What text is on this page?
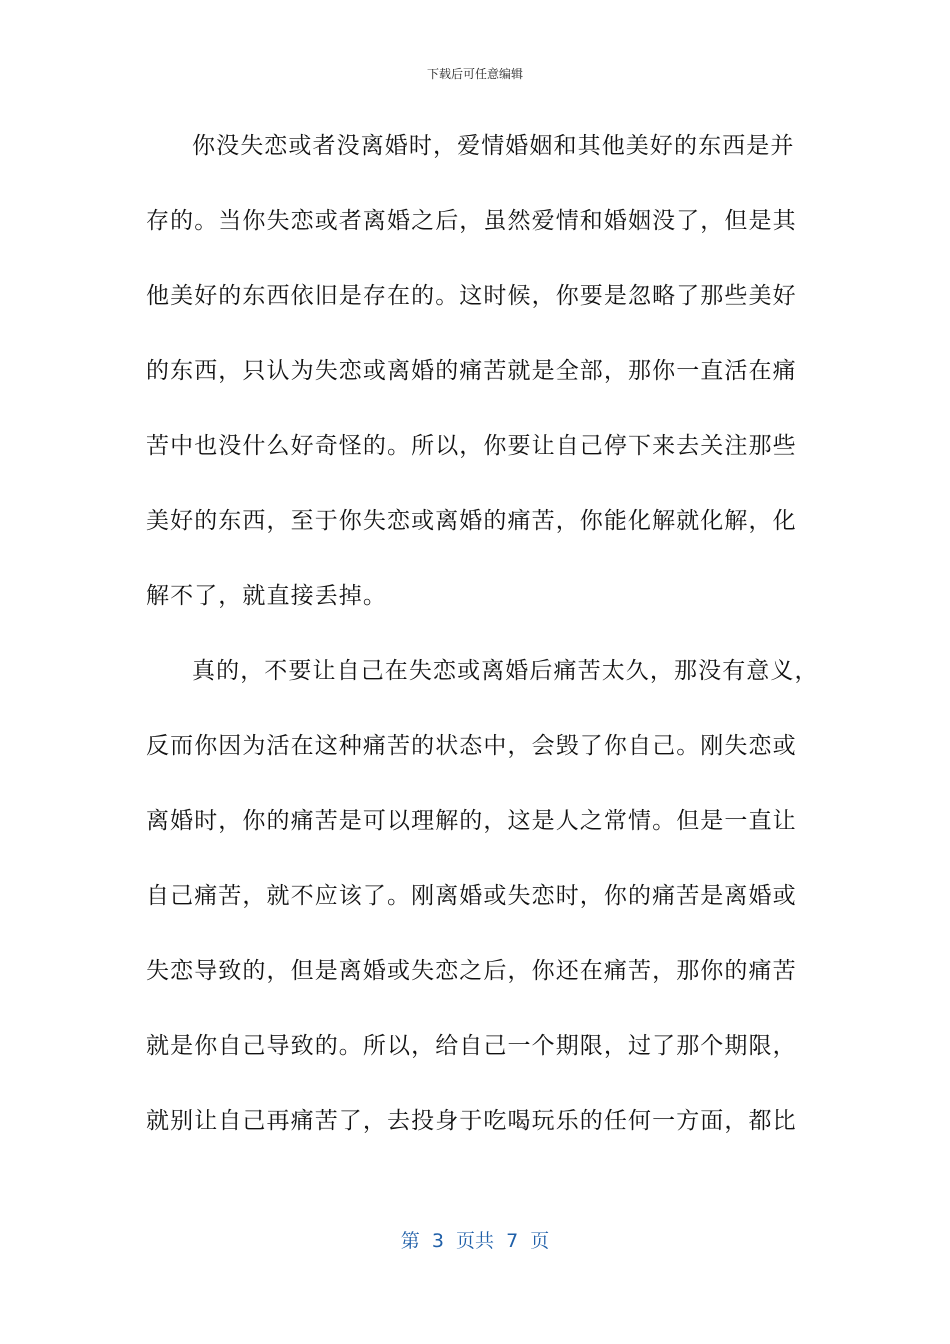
下载后可任意编辑
你没失恋或者没离婚时，爱情婚姻和其他美好的东西是并
存的。当你失恋或者离婚之后，虽然爱情和婚姻没了，但是其
他美好的东西依旧是存在的。这时候，你要是忽略了那些美好
的东西，只认为失恋或离婚的痛苦就是全部，那你一直活在痛
苦中也没什么好奇怪的。所以，你要让自己停下来去关注那些
美好的东西，至于你失恋或离婚的痛苦，你能化解就化解，化
解不了，就直接丢掉。
真的，不要让自己在失恋或离婚后痛苦太久，那没有意义，
反而你因为活在这种痛苦的状态中，会毁了你自己。刚失恋或
离婚时，你的痛苦是可以理解的，这是人之常情。但是一直让
自己痛苦，就不应该了。刚离婚或失恋时，你的痛苦是离婚或
失恋导致的，但是离婚或失恋之后，你还在痛苦，那你的痛苦
就是你自己导致的。所以，给自己一个期限，过了那个期限，
就别让自己再痛苦了，去投身于吃喝玩乐的任何一方面，都比
第  3  页共  7  页
